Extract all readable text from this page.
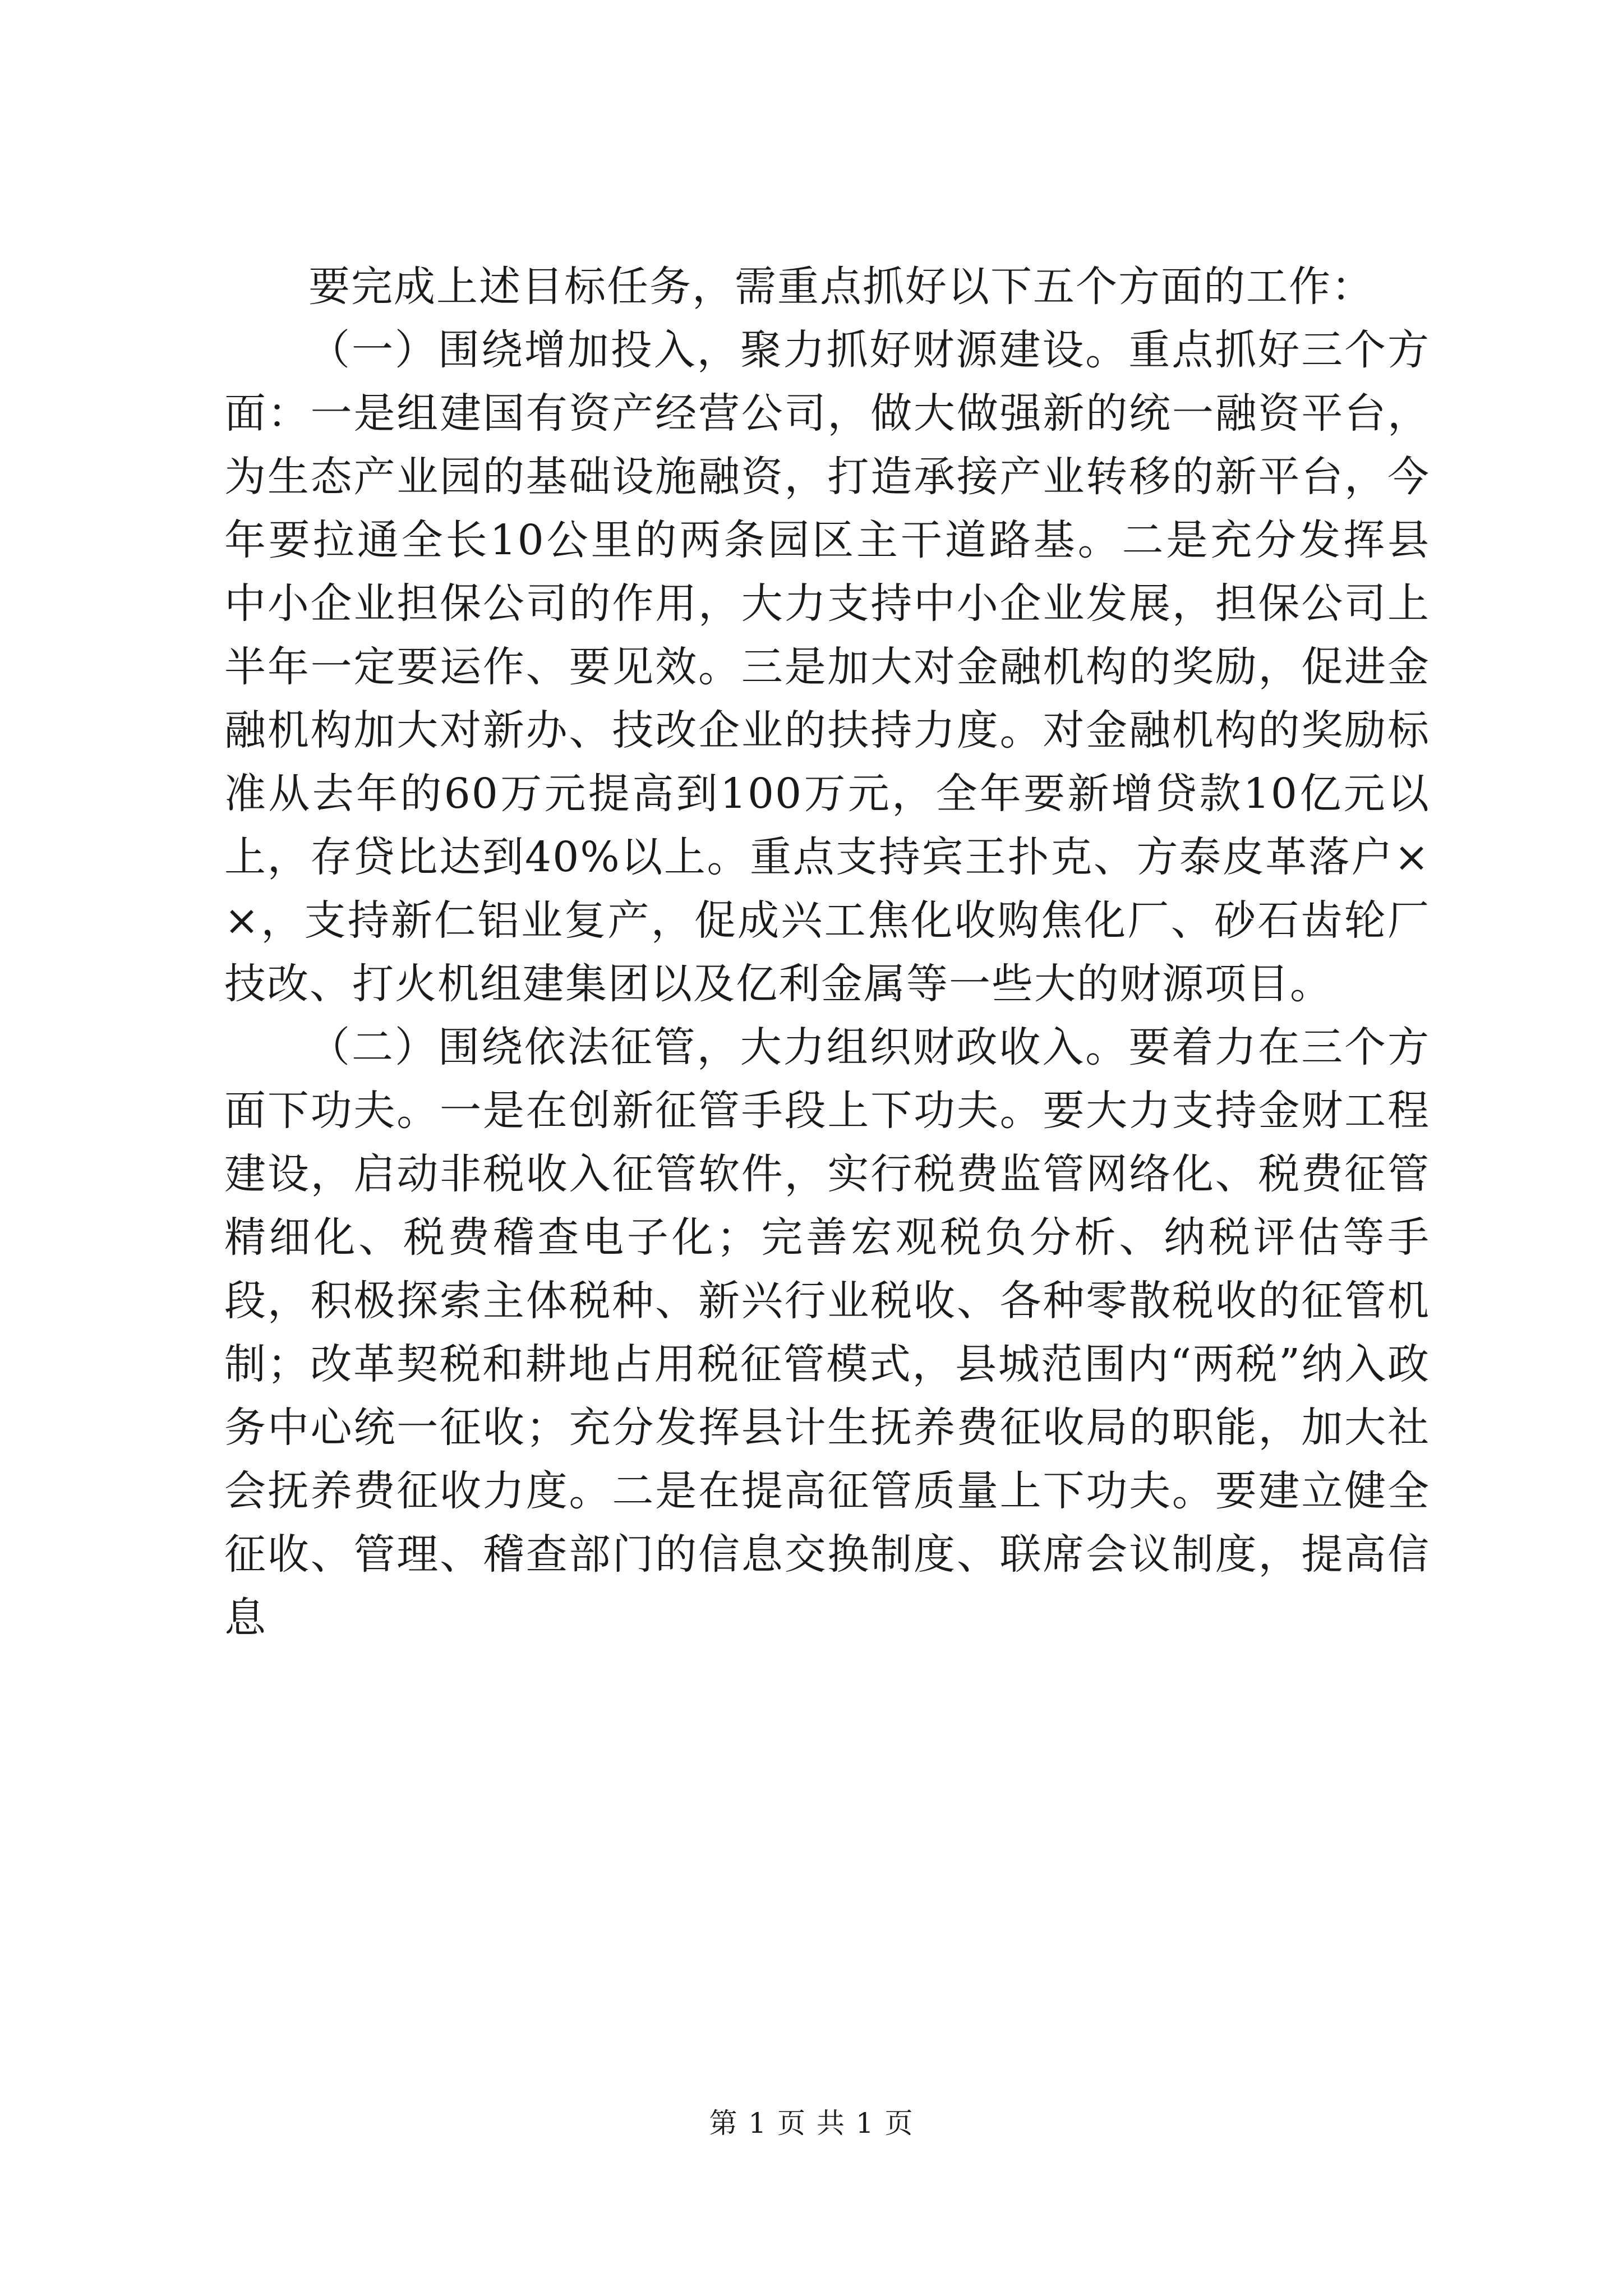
要完成上述目标任务，需重点抓好以下五个方面的工作：

（一）围绕增加投入，聚力抓好财源建设。重点抓好三个方面：一是组建国有资产经营公司，做大做强新的统一融资平台，为生态产业园的基础设施融资，打造承接产业转移的新平台，今年要拉通全长10公里的两条园区主干道路基。二是充分发挥县中小企业担保公司的作用，大力支持中小企业发展，担保公司上半年一定要运作、要见效。三是加大对金融机构的奖励，促进金融机构加大对新办、技改企业的扶持力度。对金融机构的奖励标准从去年的60万元提高到100万元，全年要新增贷款10亿元以上，存贷比达到40%以上。重点支持宾王扑克、方泰皮革落户××，支持新仁铝业复产，促成兴工焦化收购焦化厂、砂石齿轮厂技改、打火机组建集团以及亿利金属等一些大的财源项目。

（二）围绕依法征管，大力组织财政收入。要着力在三个方面下功夫。一是在创新征管手段上下功夫。要大力支持金财工程建设，启动非税收入征管软件，实行税费监管网络化、税费征管精细化、税费稽查电子化；完善宏观税负分析、纳税评估等手段，积极探索主体税种、新兴行业税收、各种零散税收的征管机制；改革契税和耕地占用税征管模式，县城范围内“两税”纳入政务中心统一征收；充分发挥县计生抚养费征收局的职能，加大社会抚养费征收力度。二是在提高征管质量上下功夫。要建立健全征收、管理、稽查部门的信息交换制度、联席会议制度，提高信息

第 1 页 共 1 页
